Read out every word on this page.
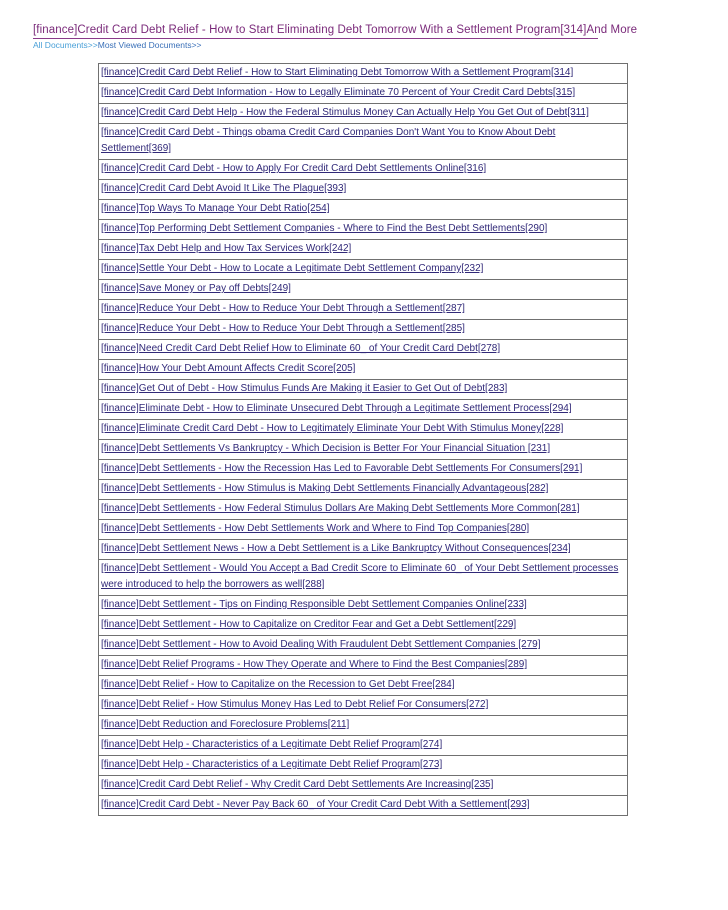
[finance]Credit Card Debt Relief - How to Start Eliminating Debt Tomorrow With a Settlement Program[314]And More
All Documents>>Most Viewed Documents>>
[finance]Credit Card Debt Relief - How to Start Eliminating Debt Tomorrow With a Settlement Program[314]
[finance]Credit Card Debt Information - How to Legally Eliminate 70 Percent of Your Credit Card Debts[315]
[finance]Credit Card Debt Help - How the Federal Stimulus Money Can Actually Help You Get Out of Debt[311]
[finance]Credit Card Debt - Things obama Credit Card Companies Don't Want You to Know About Debt Settlement[369]
[finance]Credit Card Debt - How to Apply For Credit Card Debt Settlements Online[316]
[finance]Credit Card Debt Avoid It Like The Plague[393]
[finance]Top Ways To Manage Your Debt Ratio[254]
[finance]Top Performing Debt Settlement Companies - Where to Find the Best Debt Settlements[290]
[finance]Tax Debt Help and How Tax Services Work[242]
[finance]Settle Your Debt - How to Locate a Legitimate Debt Settlement Company[232]
[finance]Save Money or Pay off Debts[249]
[finance]Reduce Your Debt - How to Reduce Your Debt Through a Settlement[287]
[finance]Reduce Your Debt - How to Reduce Your Debt Through a Settlement[285]
[finance]Need Credit Card Debt Relief How to Eliminate 60_ of Your Credit Card Debt[278]
[finance]How Your Debt Amount Affects Credit Score[205]
[finance]Get Out of Debt - How Stimulus Funds Are Making it Easier to Get Out of Debt[283]
[finance]Eliminate Debt - How to Eliminate Unsecured Debt Through a Legitimate Settlement Process[294]
[finance]Eliminate Credit Card Debt - How to Legitimately Eliminate Your Debt With Stimulus Money[228]
[finance]Debt Settlements Vs Bankruptcy - Which Decision is Better For Your Financial Situation [231]
[finance]Debt Settlements - How the Recession Has Led to Favorable Debt Settlements For Consumers[291]
[finance]Debt Settlements - How Stimulus is Making Debt Settlements Financially Advantageous[282]
[finance]Debt Settlements - How Federal Stimulus Dollars Are Making Debt Settlements More Common[281]
[finance]Debt Settlements - How Debt Settlements Work and Where to Find Top Companies[280]
[finance]Debt Settlement News - How a Debt Settlement is a Like Bankruptcy Without Consequences[234]
[finance]Debt Settlement - Would You Accept a Bad Credit Score to Eliminate 60_ of Your Debt Settlement processes were introduced to help the borrowers as well[288]
[finance]Debt Settlement - Tips on Finding Responsible Debt Settlement Companies Online[233]
[finance]Debt Settlement - How to Capitalize on Creditor Fear and Get a Debt Settlement[229]
[finance]Debt Settlement - How to Avoid Dealing With Fraudulent Debt Settlement Companies [279]
[finance]Debt Relief Programs - How They Operate and Where to Find the Best Companies[289]
[finance]Debt Relief - How to Capitalize on the Recession to Get Debt Free[284]
[finance]Debt Relief - How Stimulus Money Has Led to Debt Relief For Consumers[272]
[finance]Debt Reduction and Foreclosure Problems[211]
[finance]Debt Help - Characteristics of a Legitimate Debt Relief Program[274]
[finance]Debt Help - Characteristics of a Legitimate Debt Relief Program[273]
[finance]Credit Card Debt Relief - Why Credit Card Debt Settlements Are Increasing[235]
[finance]Credit Card Debt - Never Pay Back 60_ of Your Credit Card Debt With a Settlement[293]
